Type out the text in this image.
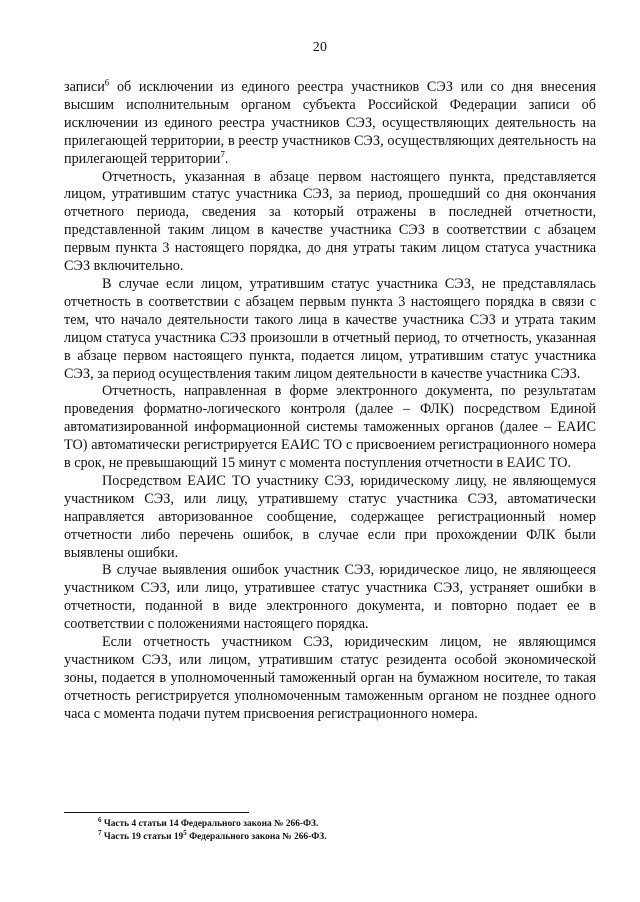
20

записи$^6$ об исключении из единого реестра участников СЭЗ или со дня внесения высшим исполнительным органом субъекта Российской Федерации записи об исключении из единого реестра участников СЭЗ, осуществляющих деятельность на прилегающей территории, в реестр участников СЭЗ, осуществляющих деятельность на прилегающей территории$^7$.

Отчетность, указанная в абзаце первом настоящего пункта, представляется лицом, утратившим статус участника СЭЗ, за период, прошедший со дня окончания отчетного периода, сведения за который отражены в последней отчетности, представленной таким лицом в качестве участника СЭЗ в соответствии с абзацем первым пункта 3 настоящего порядка, до дня утраты таким лицом статуса участника СЭЗ включительно.

В случае если лицом, утратившим статус участника СЭЗ, не представлялась отчетность в соответствии с абзацем первым пункта 3 настоящего порядка в связи с тем, что начало деятельности такого лица в качестве участника СЭЗ и утрата таким лицом статуса участника СЭЗ произошли в отчетный период, то отчетность, указанная в абзаце первом настоящего пункта, подается лицом, утратившим статус участника СЭЗ, за период осуществления таким лицом деятельности в качестве участника СЭЗ.

Отчетность, направленная в форме электронного документа, по результатам проведения форматно-логического контроля (далее – ФЛК) посредством Единой автоматизированной информационной системы таможенных органов (далее – ЕАИС ТО) автоматически регистрируется ЕАИС ТО с присвоением регистрационного номера в срок, не превышающий 15 минут с момента поступления отчетности в ЕАИС ТО.

Посредством ЕАИС ТО участнику СЭЗ, юридическому лицу, не являющемуся участником СЭЗ, или лицу, утратившему статус участника СЭЗ, автоматически направляется авторизованное сообщение, содержащее регистрационный номер отчетности либо перечень ошибок, в случае если при прохождении ФЛК были выявлены ошибки.

В случае выявления ошибок участник СЭЗ, юридическое лицо, не являющееся участником СЭЗ, или лицо, утратившее статус участника СЭЗ, устраняет ошибки в отчетности, поданной в виде электронного документа, и повторно подает ее в соответствии с положениями настоящего порядка.

Если отчетность участником СЭЗ, юридическим лицом, не являющимся участником СЭЗ, или лицом, утратившим статус резидента особой экономической зоны, подается в уполномоченный таможенный орган на бумажном носителе, то такая отчетность регистрируется уполномоченным таможенным органом не позднее одного часа с момента подачи путем присвоения регистрационного номера.

$^6$ Часть 4 статьи 14 Федерального закона № 266-ФЗ.
$^7$ Часть 19 статьи 19$^5$ Федерального закона № 266-ФЗ.
